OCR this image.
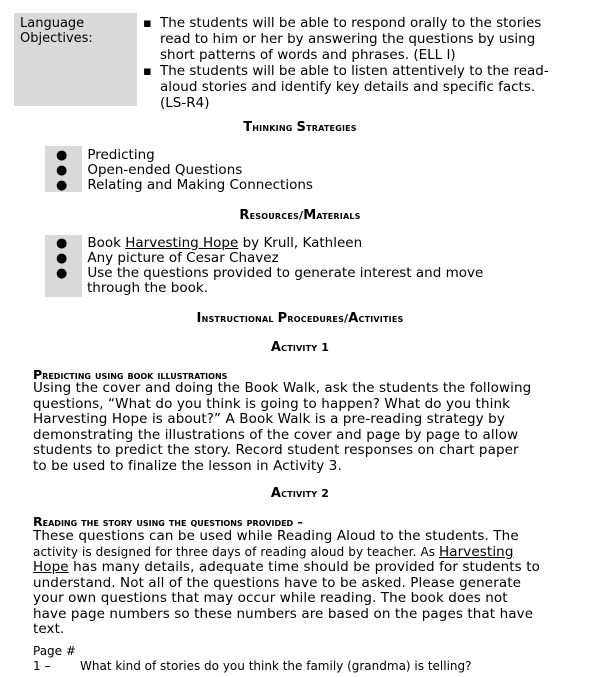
Language
Objectives:
▪ The students will be able to respond orally to the stories
read to him or her by answering the questions by using
short patterns of words and phrases. (ELL I)
▪ The students will be able to listen attentively to the read-
aloud stories and identify key details and specific facts.
(LS-R4)
Thinking Strategies
● Predicting
● Open-ended Questions
● Relating and Making Connections
Resources/Materials
● Book Harvesting Hope by Krull, Kathleen
● Any picture of Cesar Chavez
● Use the questions provided to generate interest and move
through the book.
Instructional Procedures/Activities
Activity 1
Predicting using book illustrations
Using the cover and doing the Book Walk, ask the students the following
questions, “What do you think is going to happen? What do you think
Harvesting Hope is about?” A Book Walk is a pre-reading strategy by
demonstrating the illustrations of the cover and page by page to allow
students to predict the story. Record student responses on chart paper
to be used to finalize the lesson in Activity 3.
Activity 2
Reading the story using the questions provided –
These questions can be used while Reading Aloud to the students. The
activity is designed for three days of reading aloud by teacher. As Harvesting
Hope has many details, adequate time should be provided for students to
understand. Not all of the questions have to be asked. Please generate
your own questions that may occur while reading. The book does not
have page numbers so these numbers are based on the pages that have
text.
Page #
1 – What kind of stories do you think the family (grandma) is telling?
